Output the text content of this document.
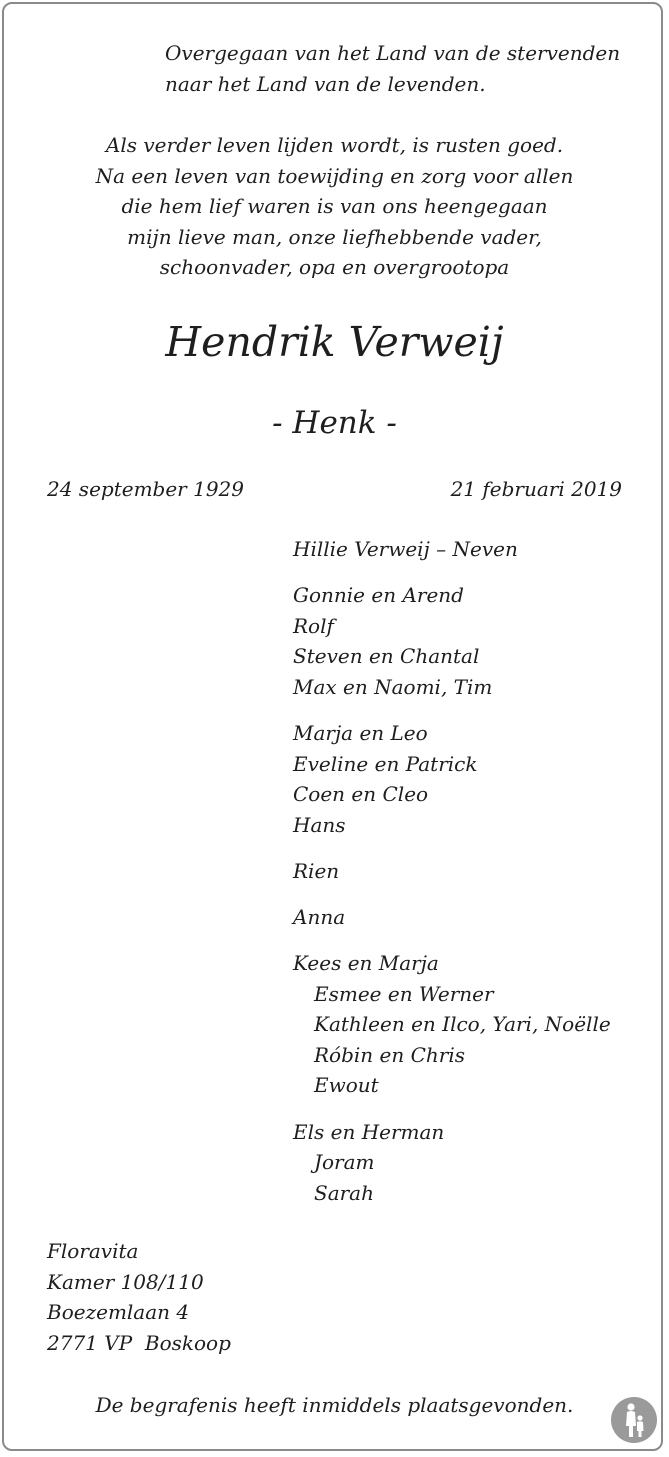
Overgegaan van het Land van de stervenden
naar het Land van de levenden.
Als verder leven lijden wordt, is rusten goed.
Na een leven van toewijding en zorg voor allen
die hem lief waren is van ons heengegaan
mijn lieve man, onze liefhebbende vader,
schoonvader, opa en overgrootopa
Hendrik Verweij
- Henk -
24 september 1929	21 februari 2019
Hillie Verweij – Neven
Gonnie en Arend
Rolf
Steven en Chantal
Max en Naomi, Tim
Marja en Leo
Eveline en Patrick
Coen en Cleo
Hans
Rien
Anna
Kees en Marja
Esmee en Werner
Kathleen en Ilco, Yari, Noëlle
Róbin en Chris
Ewout
Els en Herman
Joram
Sarah
Floravita
Kamer 108/110
Boezemlaan 4
2771 VP  Boskoop
De begrafenis heeft inmiddels plaatsgevonden.
